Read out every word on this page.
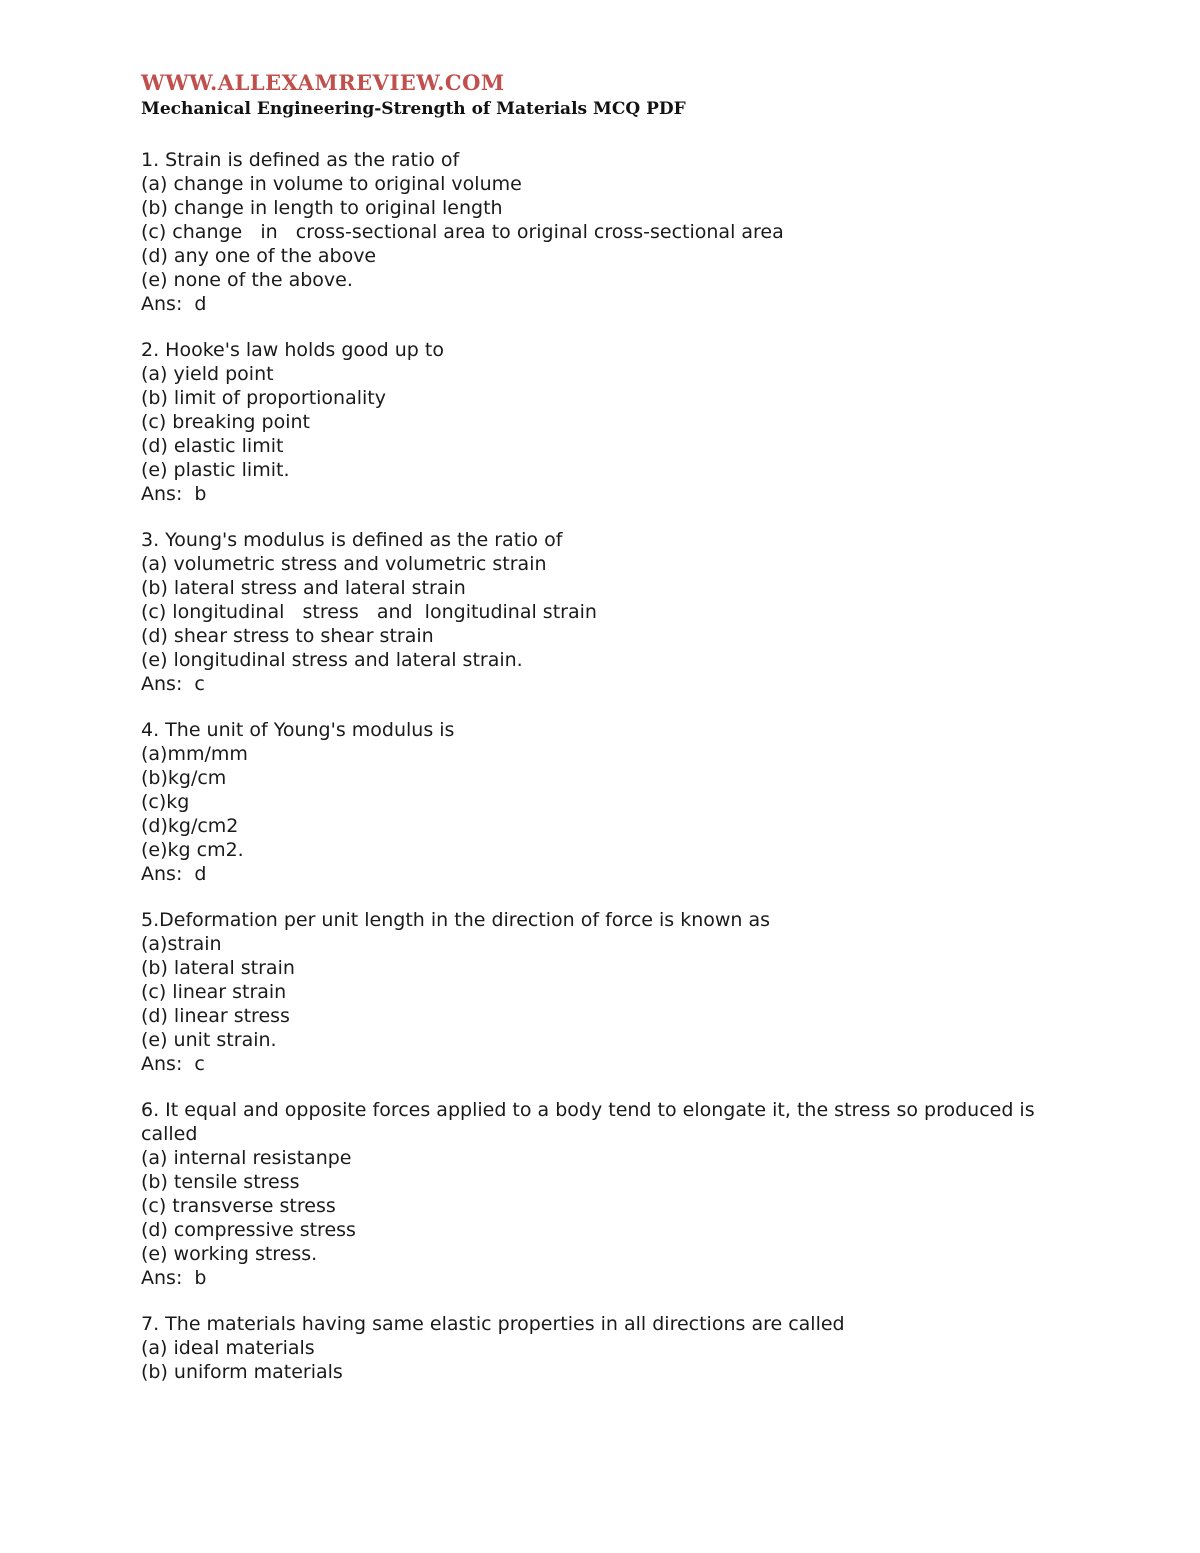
WWW.ALLEXAMREVIEW.COM

Mechanical Engineering-Strength of Materials MCQ PDF

1. Strain is defined as the ratio of
(a) change in volume to original volume
(b) change in length to original length
(c) change   in   cross-sectional area to original cross-sectional area
(d) any one of the above
(e) none of the above.
Ans:  d
2. Hooke's law holds good up to
(a) yield point
(b) limit of proportionality
(c) breaking point
(d) elastic limit
(e) plastic limit.
Ans:  b
3. Young's modulus is defined as the ratio of
(a) volumetric stress and volumetric strain
(b) lateral stress and lateral strain
(c) longitudinal   stress   and  longitudinal strain
(d) shear stress to shear strain
(e) longitudinal stress and lateral strain.
Ans:  c
4. The unit of Young's modulus is
(a)mm/mm
(b)kg/cm
(c)kg
(d)kg/cm2
(e)kg cm2.
Ans:  d
5.Deformation per unit length in the direction of force is known as
(a)strain
(b) lateral strain
(c) linear strain
(d) linear stress
(e) unit strain.
Ans:  c
6. It equal and opposite forces applied to a body tend to elongate it, the stress so produced is called
(a) internal resistanpe
(b) tensile stress
(c) transverse stress
(d) compressive stress
(e) working stress.
Ans:  b
7. The materials having same elastic properties in all directions are called
(a) ideal materials
(b) uniform materials
